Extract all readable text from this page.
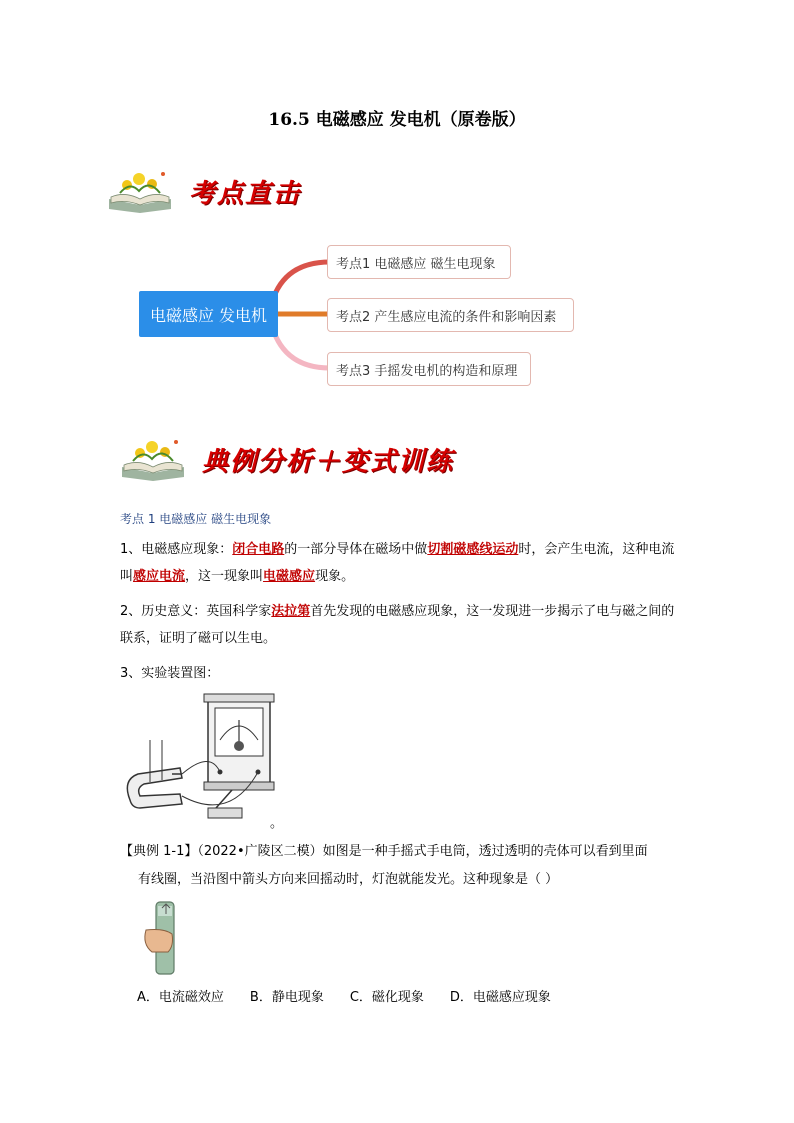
16.5 电磁感应 发电机（原卷版）
考点直击
电磁感应 发电机
考点1 电磁感应 磁生电现象
考点2 产生感应电流的条件和影响因素
考点3 手摇发电机的构造和原理
典例分析＋变式训练
考点 1 电磁感应 磁生电现象
1、电磁感应现象：闭合电路的一部分导体在磁场中做切割磁感线运动时，会产生电流，这种电流叫感应电流，这一现象叫电磁感应现象。
2、历史意义：英国科学家法拉第首先发现的电磁感应现象，这一发现进一步揭示了电与磁之间的联系，证明了磁可以生电。
3、实验装置图：
。
【典例 1-1】（2022•广陵区二模）如图是一种手摇式手电筒，透过透明的壳体可以看到里面
有线圈，当沿图中箭头方向来回摇动时，灯泡就能发光。这种现象是（ ）
A．电流磁效应 B．静电现象 C．磁化现象 D．电磁感应现象
